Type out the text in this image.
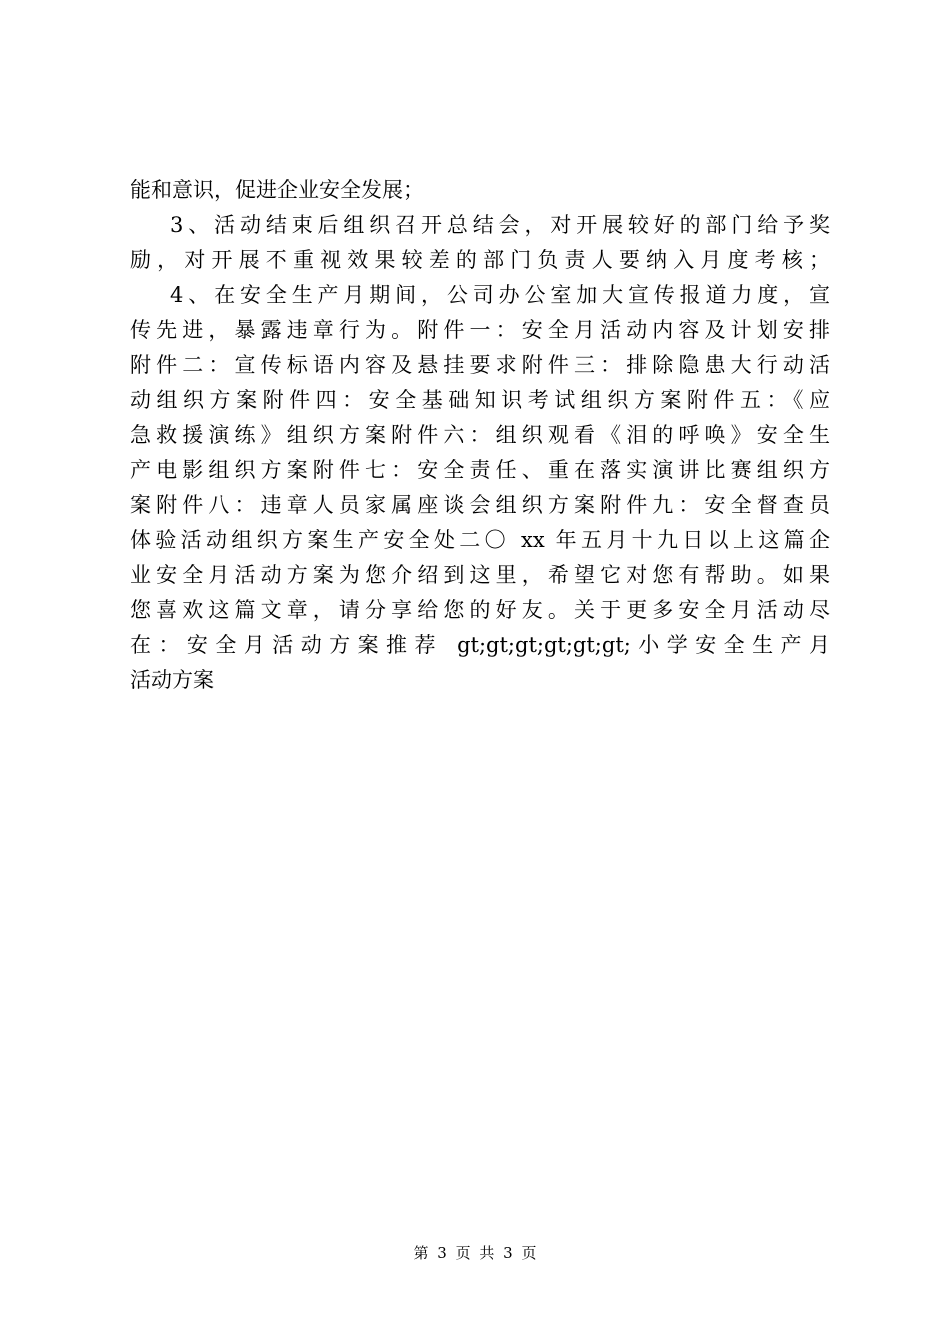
能和意识，促进企业安全发展；
3、活动结束后组织召开总结会，对开展较好的部门给予奖
励，对开展不重视效果较差的部门负责人要纳入月度考核；
4、在安全生产月期间，公司办公室加大宣传报道力度，宣
传先进，暴露违章行为。附件一：安全月活动内容及计划安排
附件二：宣传标语内容及悬挂要求附件三：排除隐患大行动活
动组织方案附件四：安全基础知识考试组织方案附件五：《应
急救援演练》组织方案附件六：组织观看《泪的呼唤》安全生
产电影组织方案附件七：安全责任、重在落实演讲比赛组织方
案附件八：违章人员家属座谈会组织方案附件九：安全督查员
体验活动组织方案生产安全处二〇 xx 年五月十九日以上这篇企
业安全月活动方案为您介绍到这里，希望它对您有帮助。如果
您喜欢这篇文章，请分享给您的好友。关于更多安全月活动尽
在：安全月活动方案推荐 gt;gt;gt;gt;gt;gt;小学安全生产月
活动方案
第 3 页 共 3 页
